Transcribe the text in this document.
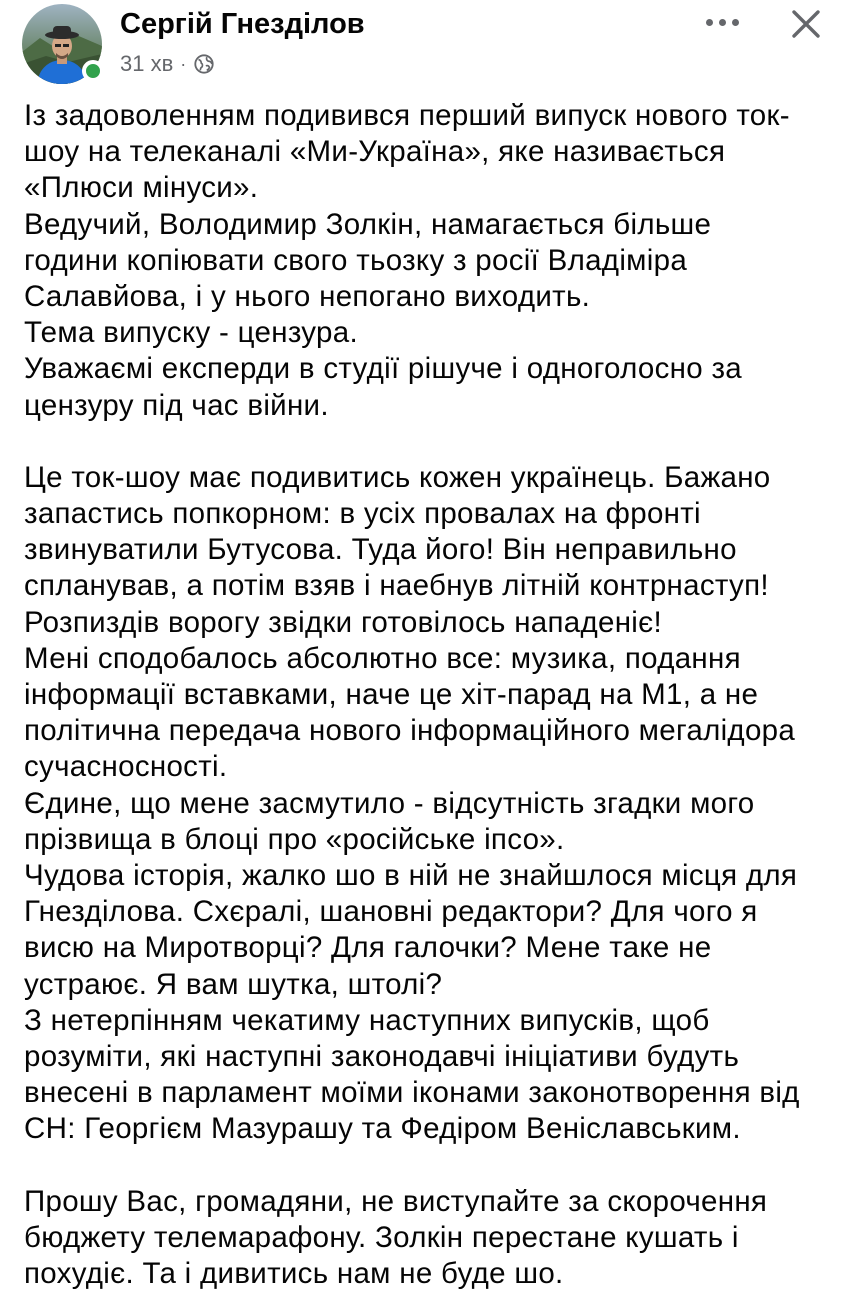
Сергій Гнезділов
31 хв ·
Із задоволенням подивився перший випуск нового ток-
шоу на телеканалі «Ми-Україна», яке називається
«Плюси мінуси».
Ведучий, Володимир Золкін, намагається більше
години копіювати свого тьозку з росії Владіміра
Салавйова, і у нього непогано виходить.
Тема випуску - цензура.
Уважаємі експерди в студії рішуче і одноголосно за
цензуру під час війни.
Це ток-шоу має подивитись кожен українець. Бажано
запастись попкорном: в усіх провалах на фронті
звинуватили Бутусова. Туда його! Він неправильно
спланував, а потім взяв і наебнув літній контрнаступ!
Розпиздів ворогу звідки готовілось нападеніє!
Мені сподобалось абсолютно все: музика, подання
інформації вставками, наче це хіт-парад на М1, а не
політична передача нового інформаційного мегалідора
сучасносності.
Єдине, що мене засмутило - відсутність згадки мого
прізвища в блоці про «російське іпсо».
Чудова історія, жалко шо в ній не знайшлося місця для
Гнезділова. Схєралі, шановні редактори? Для чого я
висю на Миротворці? Для галочки? Мене таке не
устраює. Я вам шутка, штолі?
З нетерпінням чекатиму наступних випусків, щоб
розуміти, які наступні законодавчі ініціативи будуть
внесені в парламент моїми іконами законотворення від
СН: Георгієм Мазурашу та Федіром Веніславським.
Прошу Вас, громадяни, не виступайте за скорочення
бюджету телемарафону. Золкін перестане кушать і
похудіє. Та і дивитись нам не буде шо.
